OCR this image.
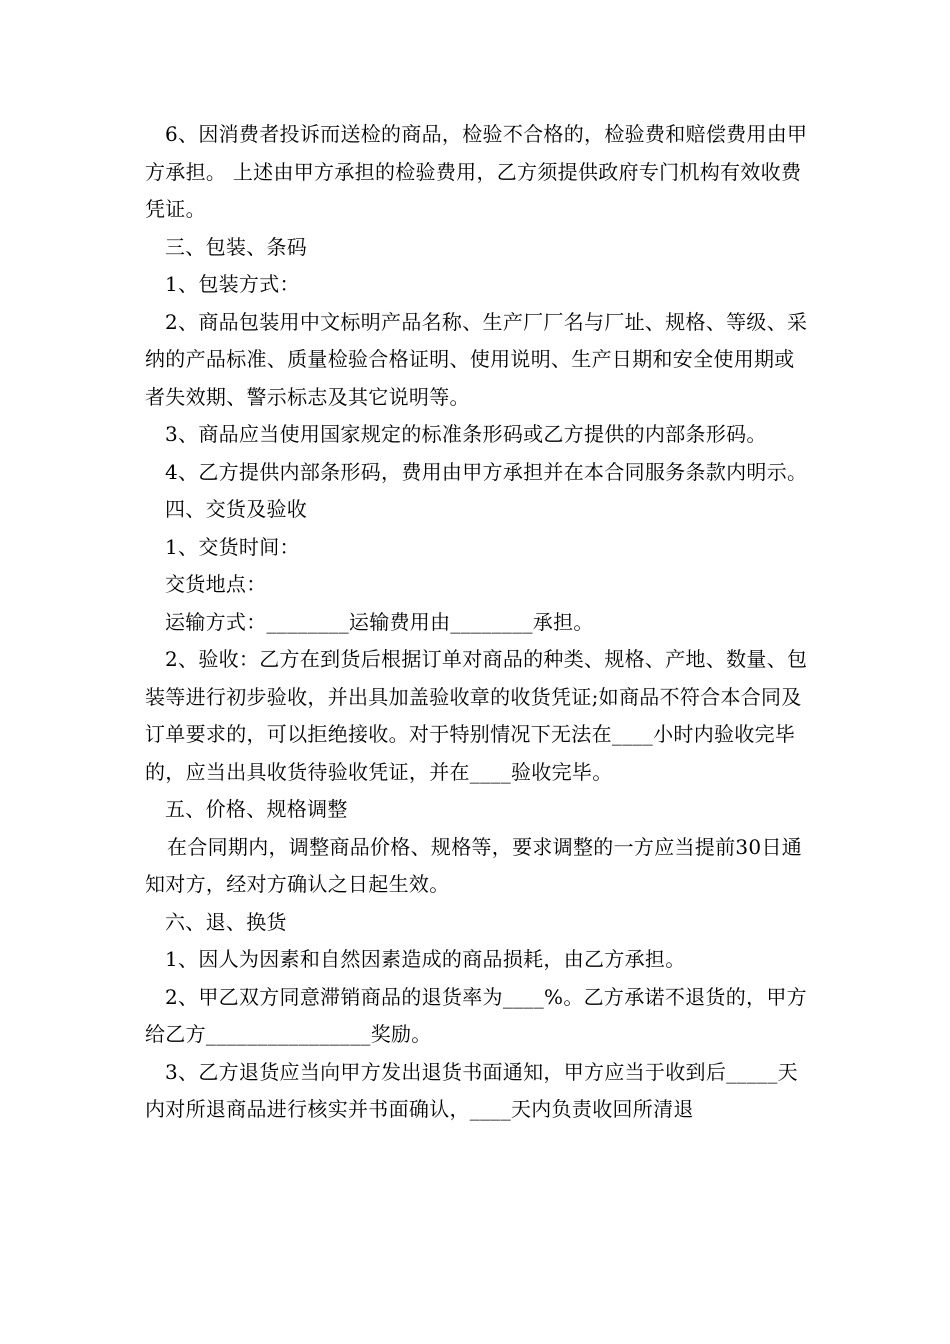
6、因消费者投诉而送检的商品，检验不合格的，检验费和赔偿费用由甲方承担。 上述由甲方承担的检验费用，乙方须提供政府专门机构有效收费凭证。

三、包装、条码

1、包装方式：

2、商品包装用中文标明产品名称、生产厂厂名与厂址、规格、等级、采纳的产品标准、质量检验合格证明、使用说明、生产日期和安全使用期或者失效期、警示标志及其它说明等。

3、商品应当使用国家规定的标准条形码或乙方提供的内部条形码。

4、乙方提供内部条形码，费用由甲方承担并在本合同服务条款内明示。

四、交货及验收

1、交货时间：

交货地点：

运输方式：________运输费用由________承担。

2、验收：乙方在到货后根据订单对商品的种类、规格、产地、数量、包装等进行初步验收，并出具加盖验收章的收货凭证;如商品不符合本合同及订单要求的，可以拒绝接收。对于特别情况下无法在____小时内验收完毕的，应当出具收货待验收凭证，并在____验收完毕。

五、价格、规格调整

在合同期内，调整商品价格、规格等，要求调整的一方应当提前30日通知对方，经对方确认之日起生效。

六、退、换货

1、因人为因素和自然因素造成的商品损耗，由乙方承担。

2、甲乙双方同意滞销商品的退货率为____%。乙方承诺不退货的，甲方给乙方________________奖励。

3、乙方退货应当向甲方发出退货书面通知，甲方应当于收到后_____天内对所退商品进行核实并书面确认，____天内负责收回所清退
